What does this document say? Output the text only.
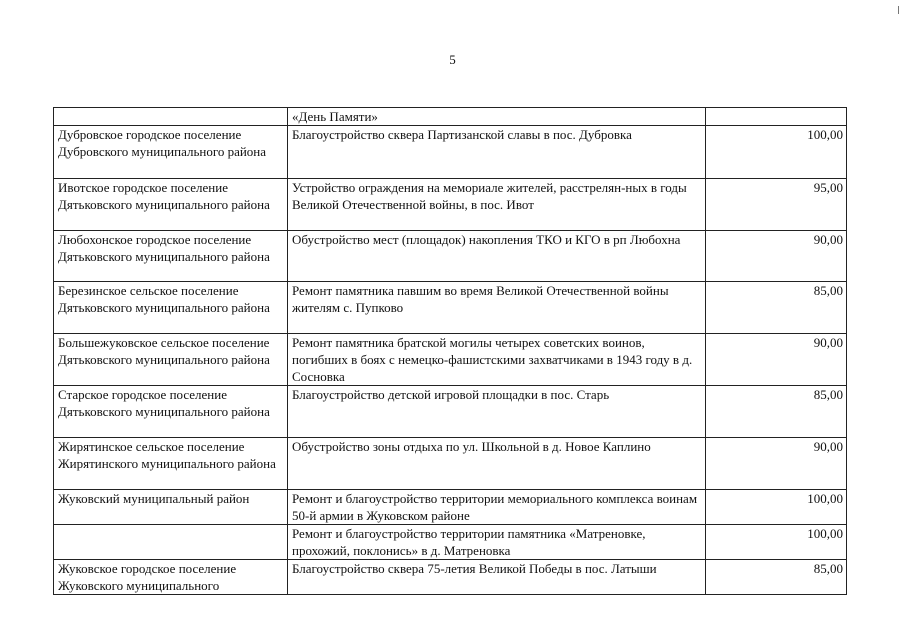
5
	«День Памяти»	
Дубровское городское поселение Дубровского муниципального района	Благоустройство сквера Партизанской славы в пос. Дубровка	100,00
Ивотское городское поселение Дятьковского муниципального района	Устройство ограждения на мемориале жителей, расстрелян-ных в годы Великой Отечественной войны, в пос. Ивот	95,00
Любохонское городское поселение Дятьковского муниципального района	Обустройство мест (площадок) накопления ТКО и КГО в рп Любохна	90,00
Березинское сельское поселение Дятьковского муниципального района	Ремонт памятника павшим во время Великой Отечественной войны жителям с. Пупково	85,00
Большежуковское сельское поселение Дятьковского муниципального района	Ремонт памятника братской могилы четырех советских воинов, погибших в боях с немецко-фашистскими захватчиками в 1943 году в д. Сосновка	90,00
Старское городское поселение Дятьковского муниципального района	Благоустройство детской игровой площадки в пос. Старь	85,00
Жирятинское сельское поселение Жирятинского муниципального района	Обустройство зоны отдыха по ул. Школьной в д. Новое Каплино	90,00
Жуковский муниципальный район	Ремонт и благоустройство территории мемориального комплекса воинам 50-й армии в Жуковском районе	100,00
	Ремонт и благоустройство территории памятника «Матреновке, прохожий, поклонись» в д. Матреновка	100,00
Жуковское городское поселение Жуковского муниципального	Благоустройство сквера 75-летия Великой Победы в пос. Латыши	85,00
